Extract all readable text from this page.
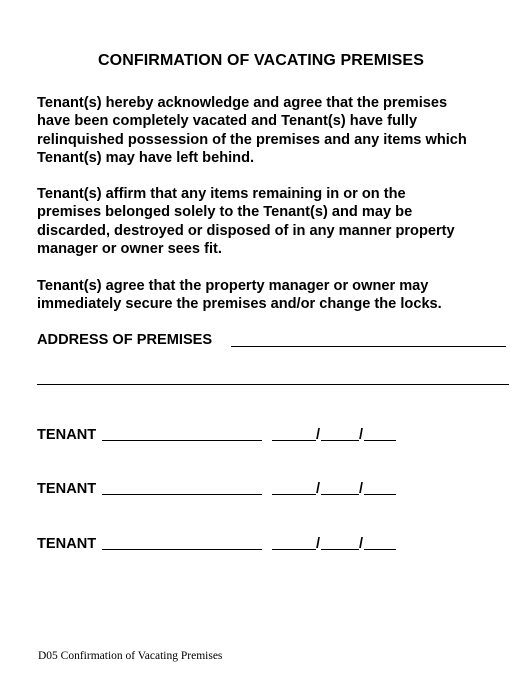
CONFIRMATION OF VACATING PREMISES
Tenant(s) hereby acknowledge and agree that the premises
have been completely vacated and Tenant(s) have fully
relinquished possession of the premises and any items which
Tenant(s) may have left behind.
Tenant(s) affirm that any items remaining in or on the
premises belonged solely to the Tenant(s) and may be
discarded, destroyed or disposed of in any manner property
manager or owner sees fit.
Tenant(s) agree that the property manager or owner may
immediately secure the premises and/or change the locks.
ADDRESS OF PREMISES
TENANT	/	/
TENANT	/	/
TENANT	/	/
D05 Confirmation of Vacating Premises
